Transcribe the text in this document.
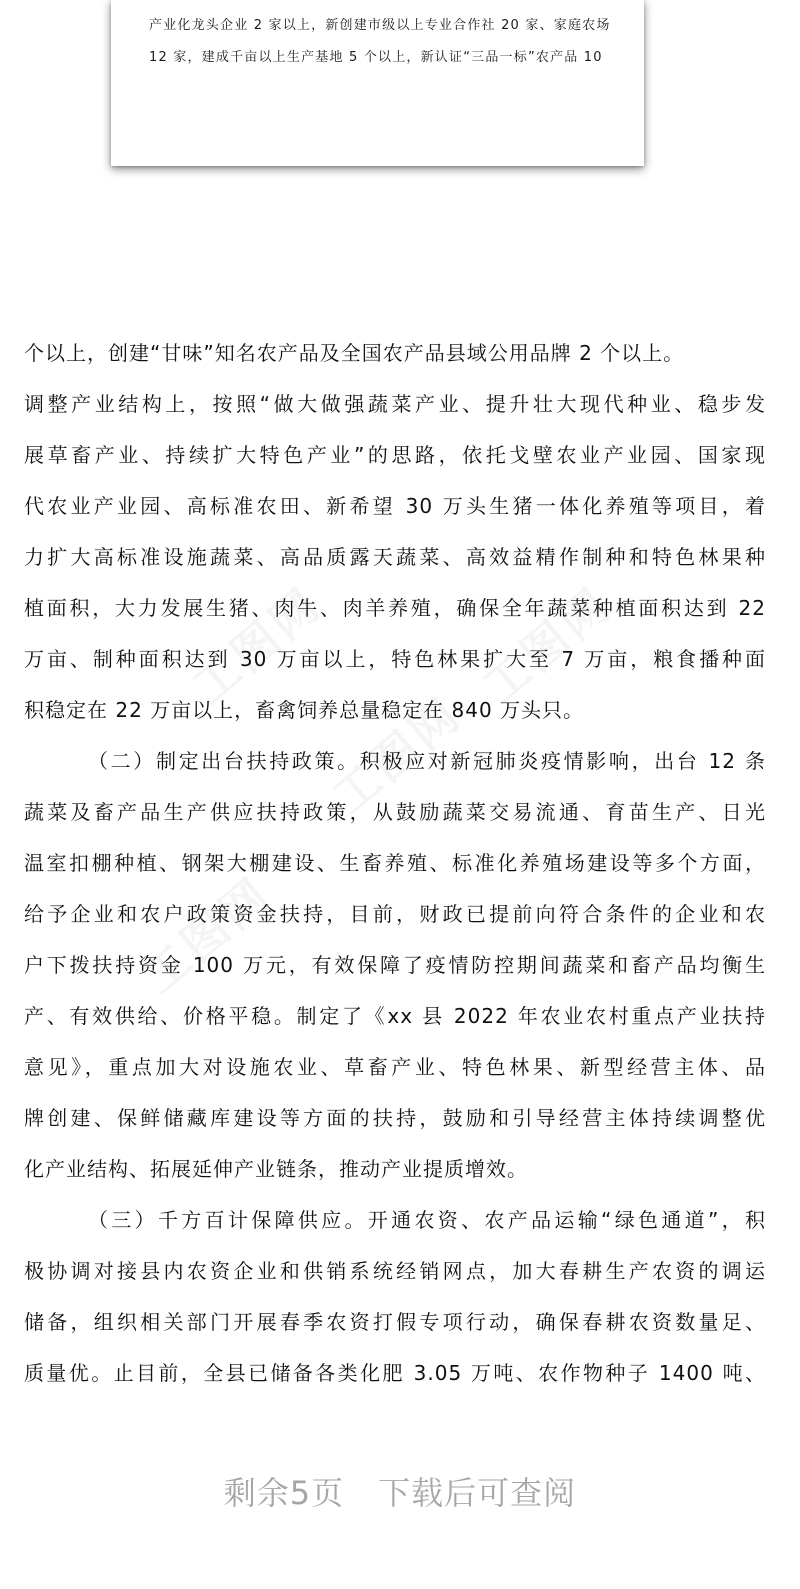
产业化龙头企业 2 家以上，新创建市级以上专业合作社 20 家、家庭农场
12 家，建成千亩以上生产基地 5 个以上，新认证“三品一标”农产品 10
个以上，创建“甘味”知名农产品及全国农产品县域公用品牌 2 个以上。
调整产业结构上，按照“做大做强蔬菜产业、提升壮大现代种业、稳步发
展草畜产业、持续扩大特色产业”的思路，依托戈壁农业产业园、国家现
代农业产业园、高标准农田、新希望 30 万头生猪一体化养殖等项目，着
力扩大高标准设施蔬菜、高品质露天蔬菜、高效益精作制种和特色林果种
植面积，大力发展生猪、肉牛、肉羊养殖，确保全年蔬菜种植面积达到 22
万亩、制种面积达到 30 万亩以上，特色林果扩大至 7 万亩，粮食播种面
积稳定在 22 万亩以上，畜禽饲养总量稳定在 840 万头只。
（二）制定出台扶持政策。积极应对新冠肺炎疫情影响，出台 12 条
蔬菜及畜产品生产供应扶持政策，从鼓励蔬菜交易流通、育苗生产、日光
温室扣棚种植、钢架大棚建设、生畜养殖、标准化养殖场建设等多个方面，
给予企业和农户政策资金扶持，目前，财政已提前向符合条件的企业和农
户下拨扶持资金 100 万元，有效保障了疫情防控期间蔬菜和畜产品均衡生
产、有效供给、价格平稳。制定了《xx 县 2022 年农业农村重点产业扶持
意见》，重点加大对设施农业、草畜产业、特色林果、新型经营主体、品
牌创建、保鲜储藏库建设等方面的扶持，鼓励和引导经营主体持续调整优
化产业结构、拓展延伸产业链条，推动产业提质增效。
（三）千方百计保障供应。开通农资、农产品运输“绿色通道”，积
极协调对接县内农资企业和供销系统经销网点，加大春耕生产农资的调运
储备，组织相关部门开展春季农资打假专项行动，确保春耕农资数量足、
质量优。止目前，全县已储备各类化肥 3.05 万吨、农作物种子 1400 吨、
剩余5页 下载后可查阅
